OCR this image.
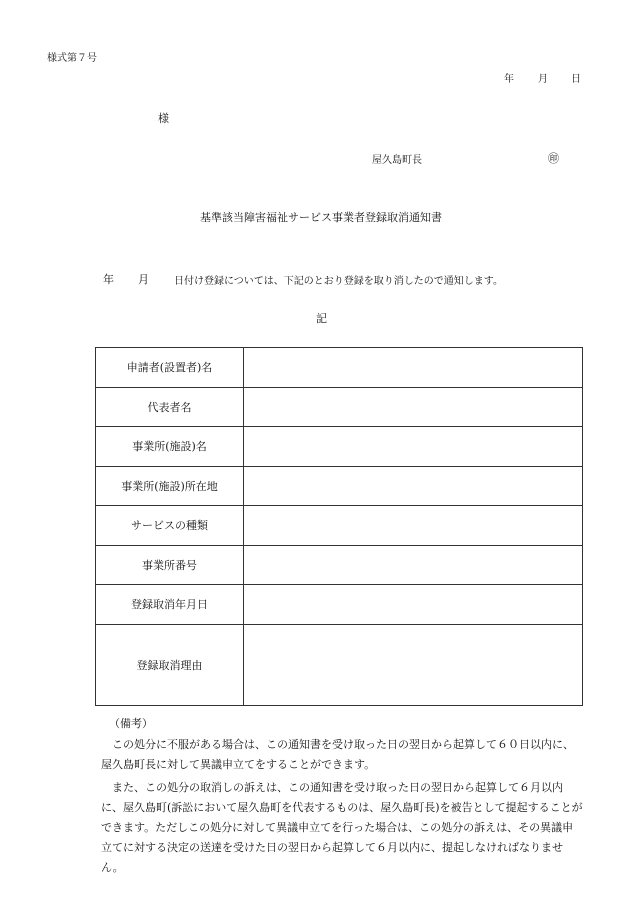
様式第７号
年 月 日
様
屋久島町長	㊞
基準該当障害福祉サービス事業者登録取消通知書
年 月	日付け登録については、下記のとおり登録を取り消したので通知します。
記
申請者(設置者)名	
代表者名	
事業所(施設)名	
事業所(施設)所在地	
サービスの種類	
事業所番号	
登録取消年月日	
登録取消理由	
（備考）

この処分に不服がある場合は、この通知書を受け取った日の翌日から起算して６０日以内に、屋久島町長に対して異議申立てをすることができます。

また、この処分の取消しの訴えは、この通知書を受け取った日の翌日から起算して６月以内に、屋久島町(訴訟において屋久島町を代表するものは、屋久島町長)を被告として提起することができます。ただしこの処分に対して異議申立てを行った場合は、この処分の訴えは、その異議申立てに対する決定の送達を受けた日の翌日から起算して６月以内に、提起しなければなりません。
